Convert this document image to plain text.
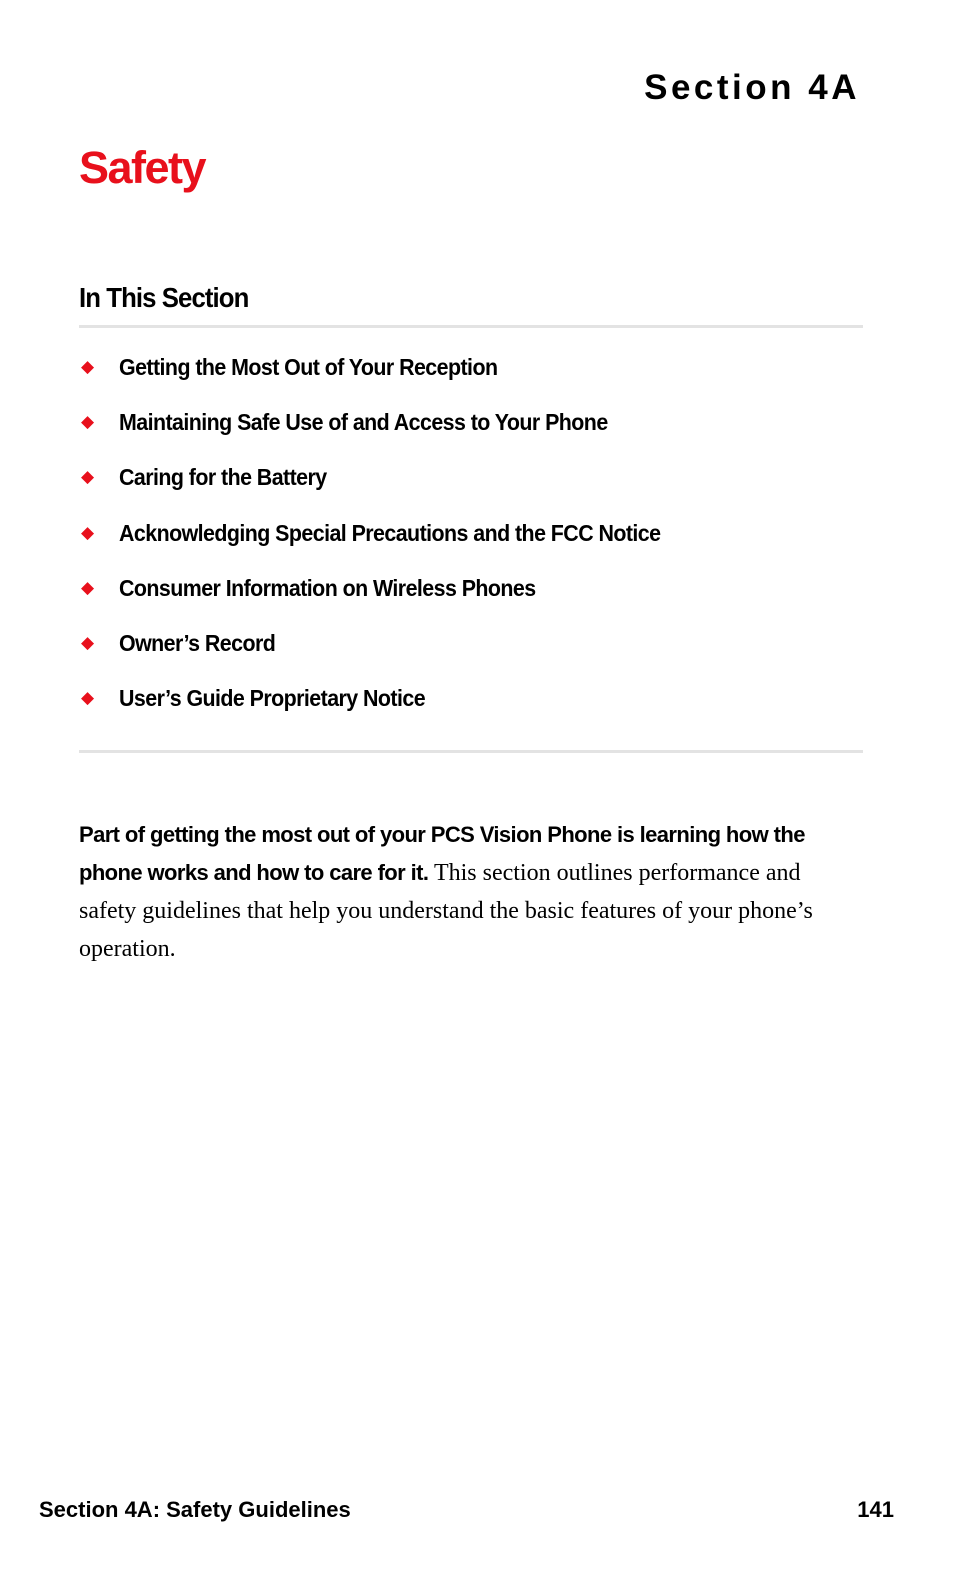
Section 4A
Safety
In This Section
◆	Getting the Most Out of Your Reception
◆	Maintaining Safe Use of and Access to Your Phone
◆	Caring for the Battery
◆	Acknowledging Special Precautions and the FCC Notice
◆	Consumer Information on Wireless Phones
◆	Owner’s Record
◆	User’s Guide Proprietary Notice

Part of getting the most out of your PCS Vision Phone is learning how the phone works and how to care for it. This section outlines performance and safety guidelines that help you understand the basic features of your phone’s operation.

Section 4A: Safety Guidelines	141
